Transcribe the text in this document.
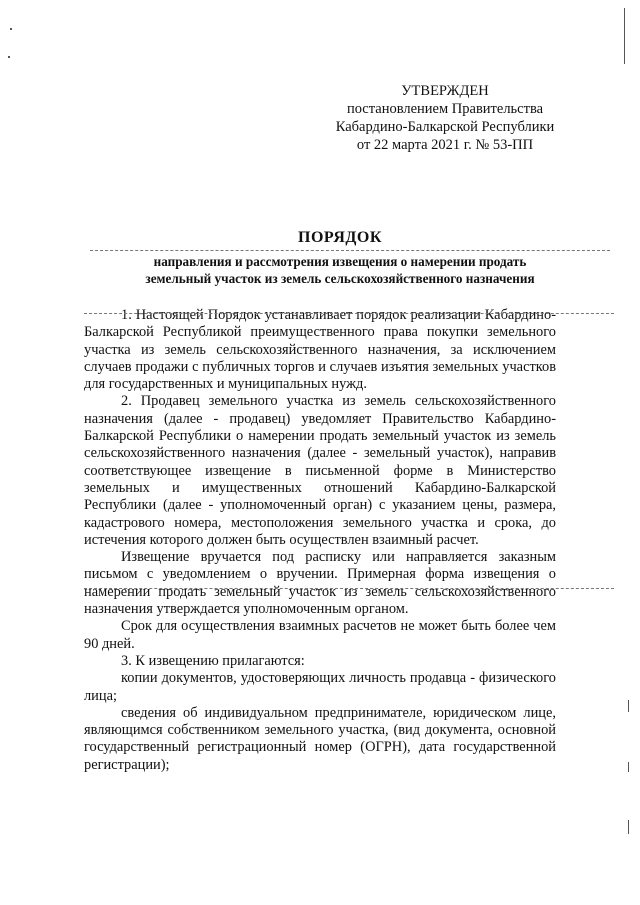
УТВЕРЖДЕН
постановлением Правительства
Кабардино-Балкарской Республики
от 22 марта 2021 г. № 53-ПП
ПОРЯДОК
направления и рассмотрения извещения о намерении продать
земельный участок из земель сельскохозяйственного назначения

1. Настоящей Порядок устанавливает порядок реализации Кабардино-Балкарской Республикой преимущественного права покупки земельного участка из земель сельскохозяйственного назначения, за исключением случаев продажи с публичных торгов и случаев изъятия земельных участков для государственных и муниципальных нужд.

2. Продавец земельного участка из земель сельскохозяйственного назначения (далее - продавец) уведомляет Правительство Кабардино-Балкарской Республики о намерении продать земельный участок из земель сельскохозяйственного назначения (далее - земельный участок), направив соответствующее извещение в письменной форме в Министерство земельных и имущественных отношений Кабардино-Балкарской Республики (далее - уполномоченный орган) с указанием цены, размера, кадастрового номера, местоположения земельного участка и срока, до истечения которого должен быть осуществлен взаимный расчет.

Извещение вручается под расписку или направляется заказным письмом с уведомлением о вручении. Примерная форма извещения о намерении продать земельный участок из земель сельскохозяйственного назначения утверждается уполномоченным органом.

Срок для осуществления взаимных расчетов не может быть более чем 90 дней.

3. К извещению прилагаются:

копии документов, удостоверяющих личность продавца - физического лица;

сведения об индивидуальном предпринимателе, юридическом лице, являющимся собственником земельного участка, (вид документа, основной государственный регистрационный номер (ОГРН), дата государственной регистрации);
